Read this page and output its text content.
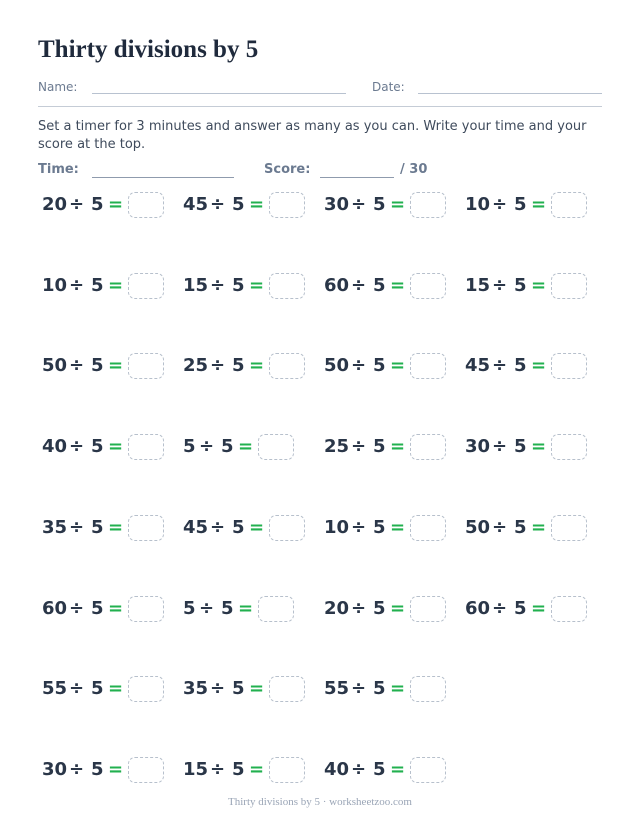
Thirty divisions by 5
Name:	Date:
Set a timer for 3 minutes and answer as many as you can. Write your time and your score at the top.
Time:	Score:	/ 30
20 ÷ 5 =	45 ÷ 5 =	30 ÷ 5 =	10 ÷ 5 =
10 ÷ 5 =	15 ÷ 5 =	60 ÷ 5 =	15 ÷ 5 =
50 ÷ 5 =	25 ÷ 5 =	50 ÷ 5 =	45 ÷ 5 =
40 ÷ 5 =	5 ÷ 5 =	25 ÷ 5 =	30 ÷ 5 =
35 ÷ 5 =	45 ÷ 5 =	10 ÷ 5 =	50 ÷ 5 =
60 ÷ 5 =	5 ÷ 5 =	20 ÷ 5 =	60 ÷ 5 =
55 ÷ 5 =	35 ÷ 5 =	55 ÷ 5 =
30 ÷ 5 =	15 ÷ 5 =	40 ÷ 5 =
Thirty divisions by 5 · worksheetzoo.com
